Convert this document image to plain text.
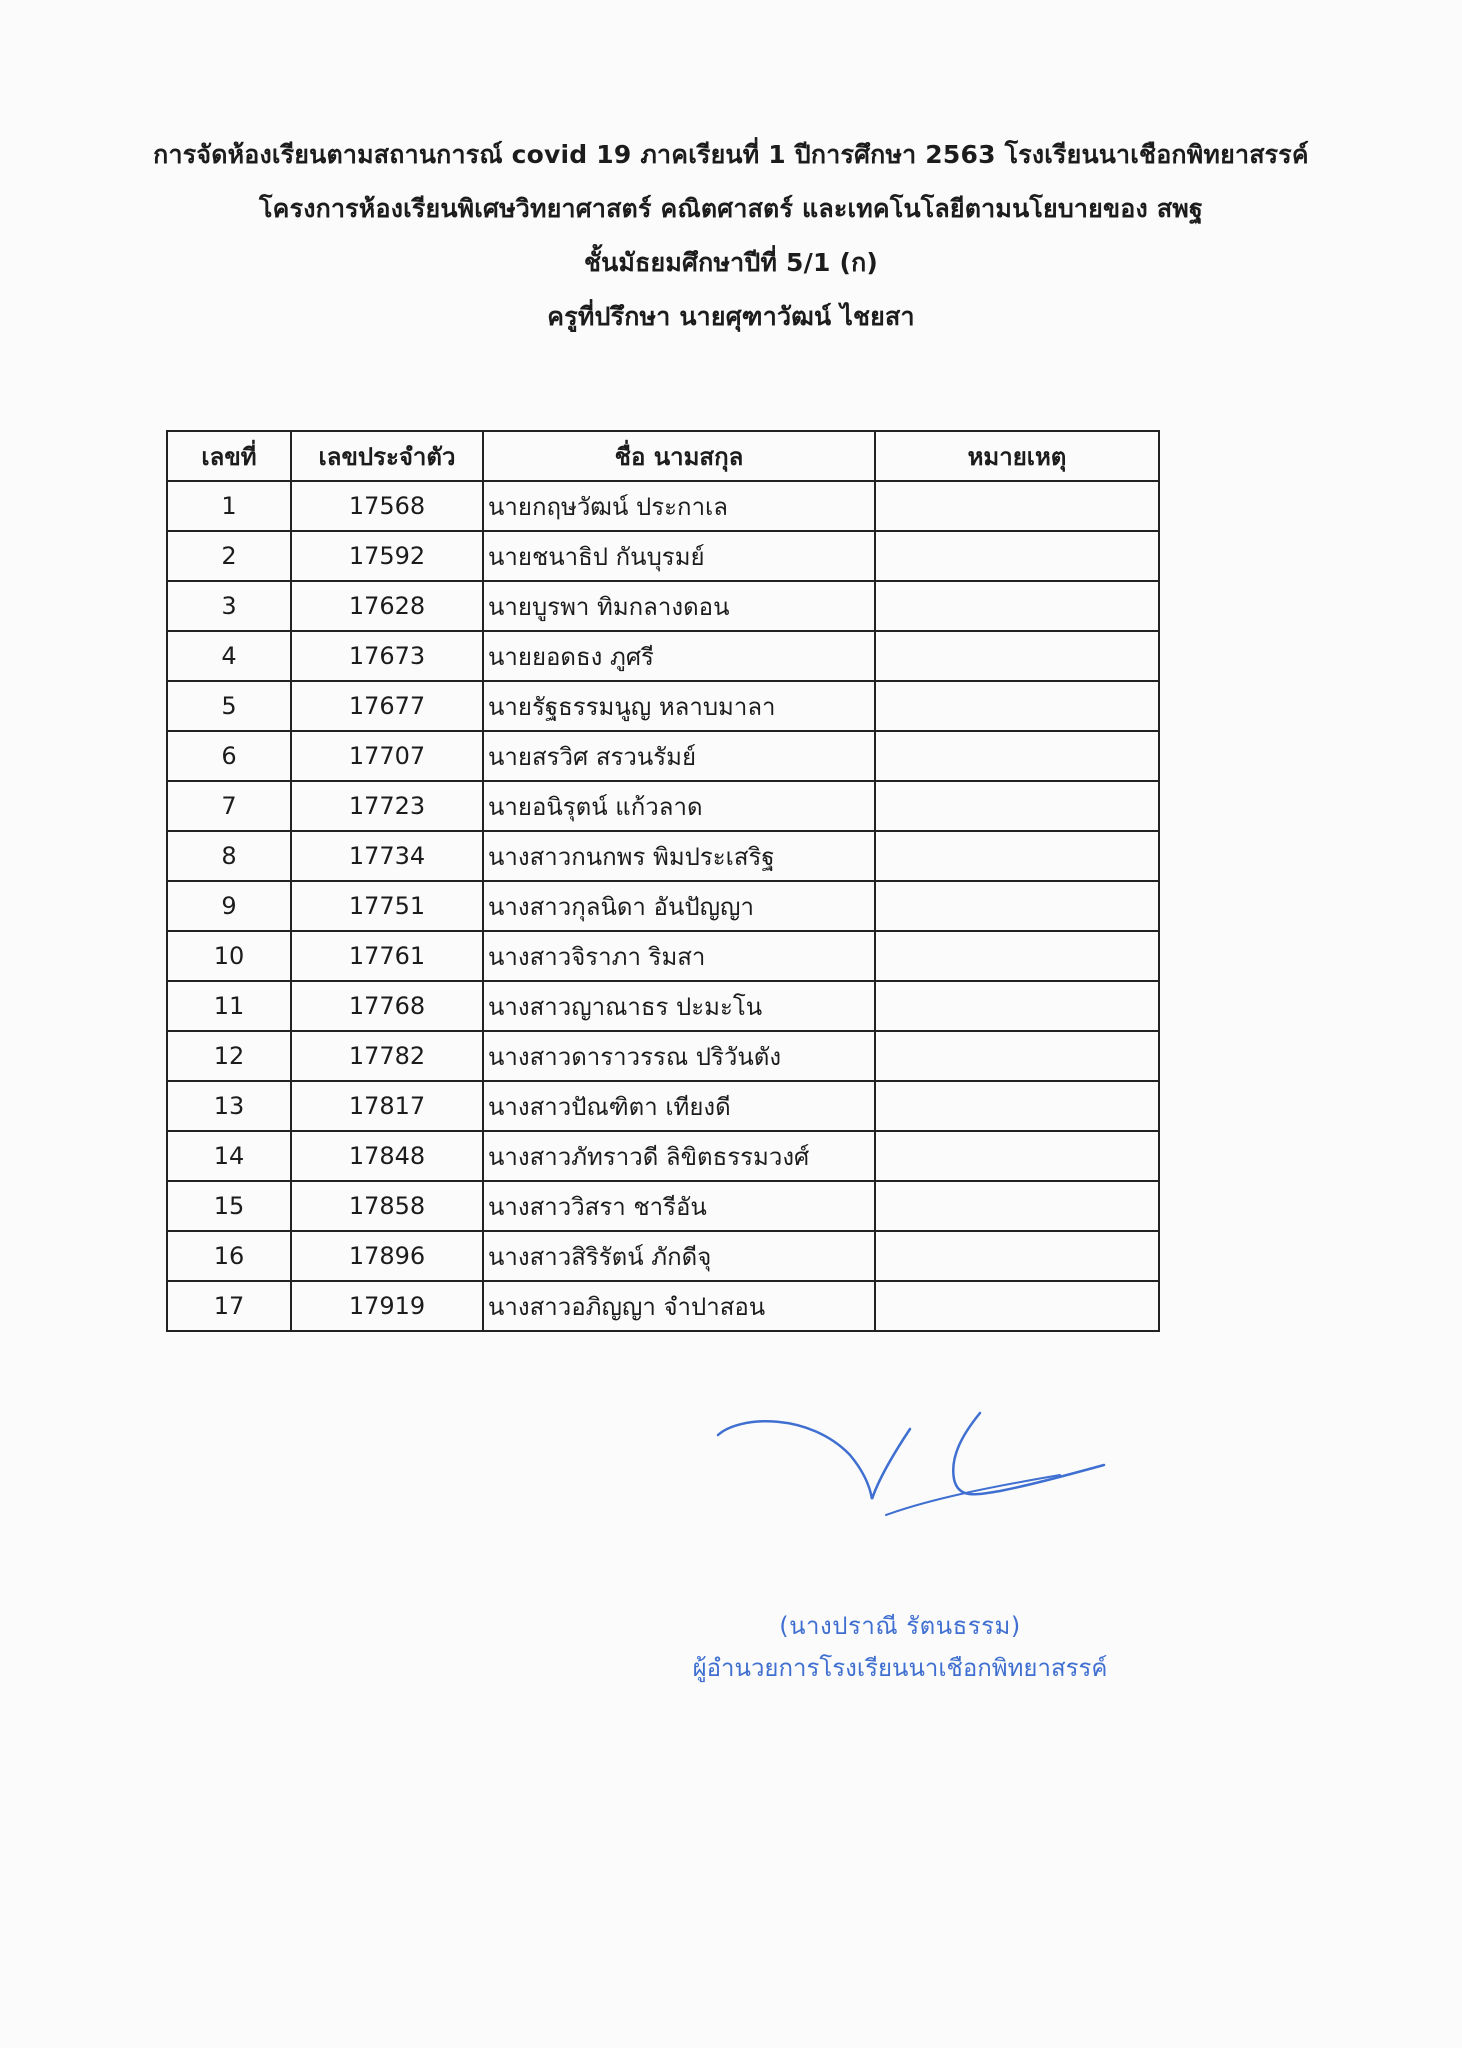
การจัดห้องเรียนตามสถานการณ์ covid 19 ภาคเรียนที่ 1 ปีการศึกษา 2563 โรงเรียนนาเชือกพิทยาสรรค์

โครงการห้องเรียนพิเศษวิทยาศาสตร์ คณิตศาสตร์ และเทคโนโลยีตามนโยบายของ สพฐ

ชั้นมัธยมศึกษาปีที่ 5/1 (ก)

ครูที่ปรึกษา นายศุฑาวัฒน์ ไชยสา

เลขที่	เลขประจำตัว	ชื่อ นามสกุล	หมายเหตุ
1	17568	นายกฤษวัฒน์ ประกาเล	
2	17592	นายชนาธิป กันบุรมย์	
3	17628	นายบูรพา ทิมกลางดอน	
4	17673	นายยอดธง ภูศรี	
5	17677	นายรัฐธรรมนูญ หลาบมาลา	
6	17707	นายสรวิศ สรวนรัมย์	
7	17723	นายอนิรุตน์ แก้วลาด	
8	17734	นางสาวกนกพร พิมประเสริฐ	
9	17751	นางสาวกุลนิดา อันปัญญา	
10	17761	นางสาวจิราภา ริมสา	
11	17768	นางสาวญาณาธร ปะมะโน	
12	17782	นางสาวดาราวรรณ ปริวันตัง	
13	17817	นางสาวปัณฑิตา เทียงดี	
14	17848	นางสาวภัทราวดี ลิขิตธรรมวงศ์	
15	17858	นางสาววิสรา ชารีอัน	
16	17896	นางสาวสิริรัตน์ ภักดีจุ	
17	17919	นางสาวอภิญญา จำปาสอน	
(นางปราณี รัตนธรรม)
ผู้อำนวยการโรงเรียนนาเชือกพิทยาสรรค์
